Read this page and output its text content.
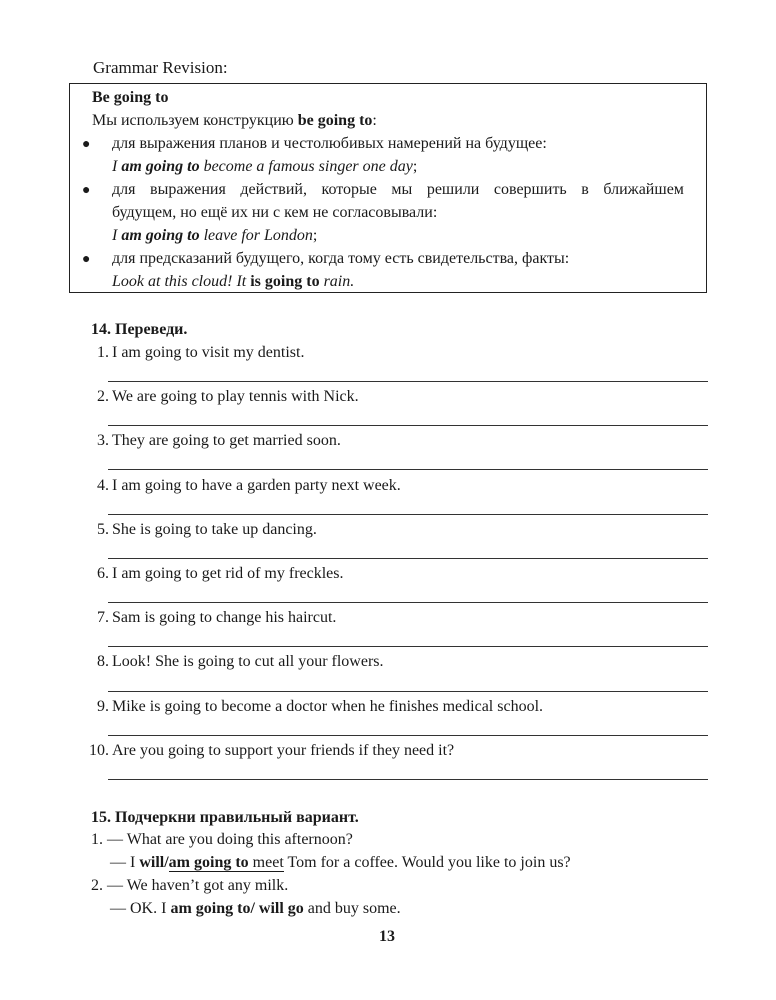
Grammar Revision:
Be going to
Мы используем конструкцию be going to:
● для выражения планов и честолюбивых намерений на будущее:
I am going to become a famous singer one day;
● для выражения действий, которые мы решили совершить в ближайшем
будущем, но ещё их ни с кем не согласовывали:
I am going to leave for London;
● для предсказаний будущего, когда тому есть свидетельства, факты:
Look at this cloud! It is going to rain.
14. Переведи.
1. I am going to visit my dentist.
2. We are going to play tennis with Nick.
3. They are going to get married soon.
4. I am going to have a garden party next week.
5. She is going to take up dancing.
6. I am going to get rid of my freckles.
7. Sam is going to change his haircut.
8. Look! She is going to cut all your flowers.
9. Mike is going to become a doctor when he finishes medical school.
10. Are you going to support your friends if they need it?
15. Подчеркни правильный вариант.
1. — What are you doing this afternoon?
— I will/am going to meet Tom for a coffee. Would you like to join us?
2. — We haven’t got any milk.
— OK. I am going to/ will go and buy some.
13
